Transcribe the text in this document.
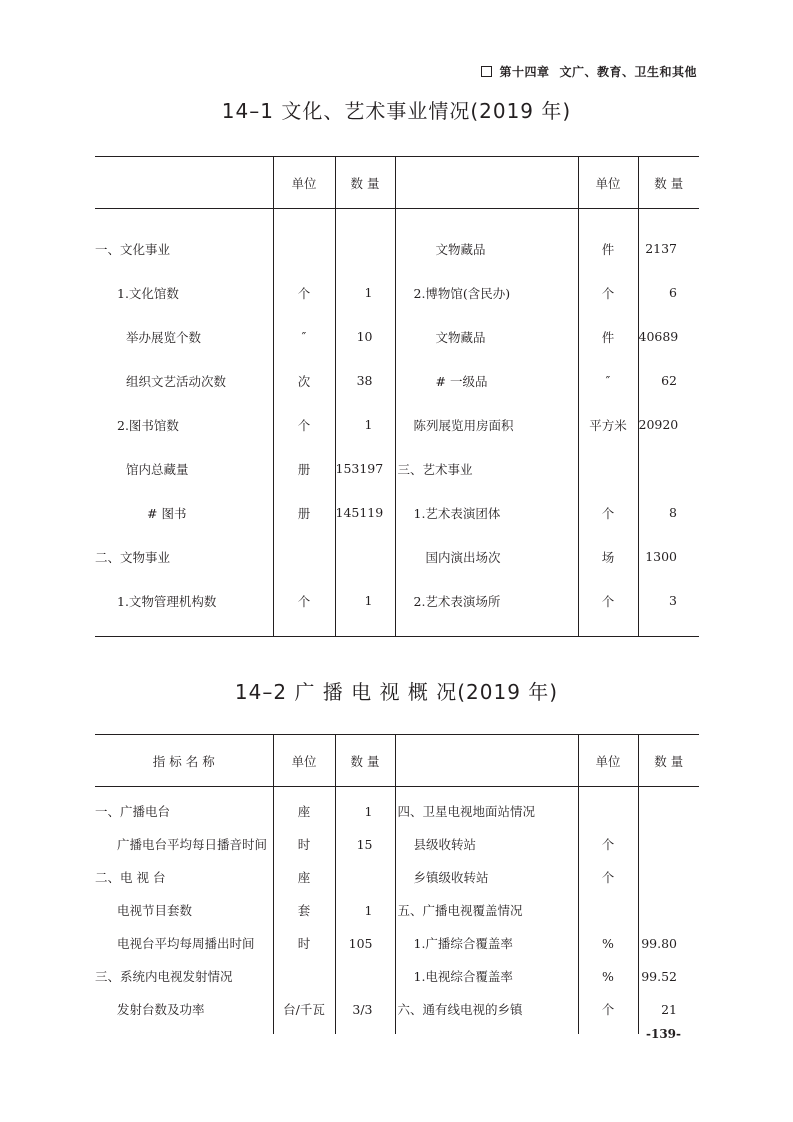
第十四章 文广、教育、卫生和其他
14–1 文化、艺术事业情况(2019 年)
	单位	数 量		单位	数 量

一、文化事业			文物藏品	件	2137
1.文化馆数	个	1	2.博物馆(含民办)	个	6
举办展览个数	″	10	文物藏品	件	40689
组织文艺活动次数	次	38	# 一级品	″	62
2.图书馆数	个	1	陈列展览用房面积	平方米	20920
馆内总藏量	册	153197	三、艺术事业		
# 图书	册	145119	1.艺术表演团体	个	8
二、文物事业			国内演出场次	场	1300
1.文物管理机构数	个	1	2.艺术表演场所	个	3

14–2 广 播 电 视 概 况(2019 年)
指 标 名 称	单位	数 量		单位	数 量

一、广播电台	座	1	四、卫星电视地面站情况		
广播电台平均每日播音时间	时	15	县级收转站	个	
二、电 视 台	座		乡镇级收转站	个	
电视节目套数	套	1	五、广播电视覆盖情况		
电视台平均每周播出时间	时	105	1.广播综合覆盖率	%	99.80
三、系统内电视发射情况			1.电视综合覆盖率	%	99.52
发射台数及功率	台/千瓦	3/3	六、通有线电视的乡镇	个	21

-139-
